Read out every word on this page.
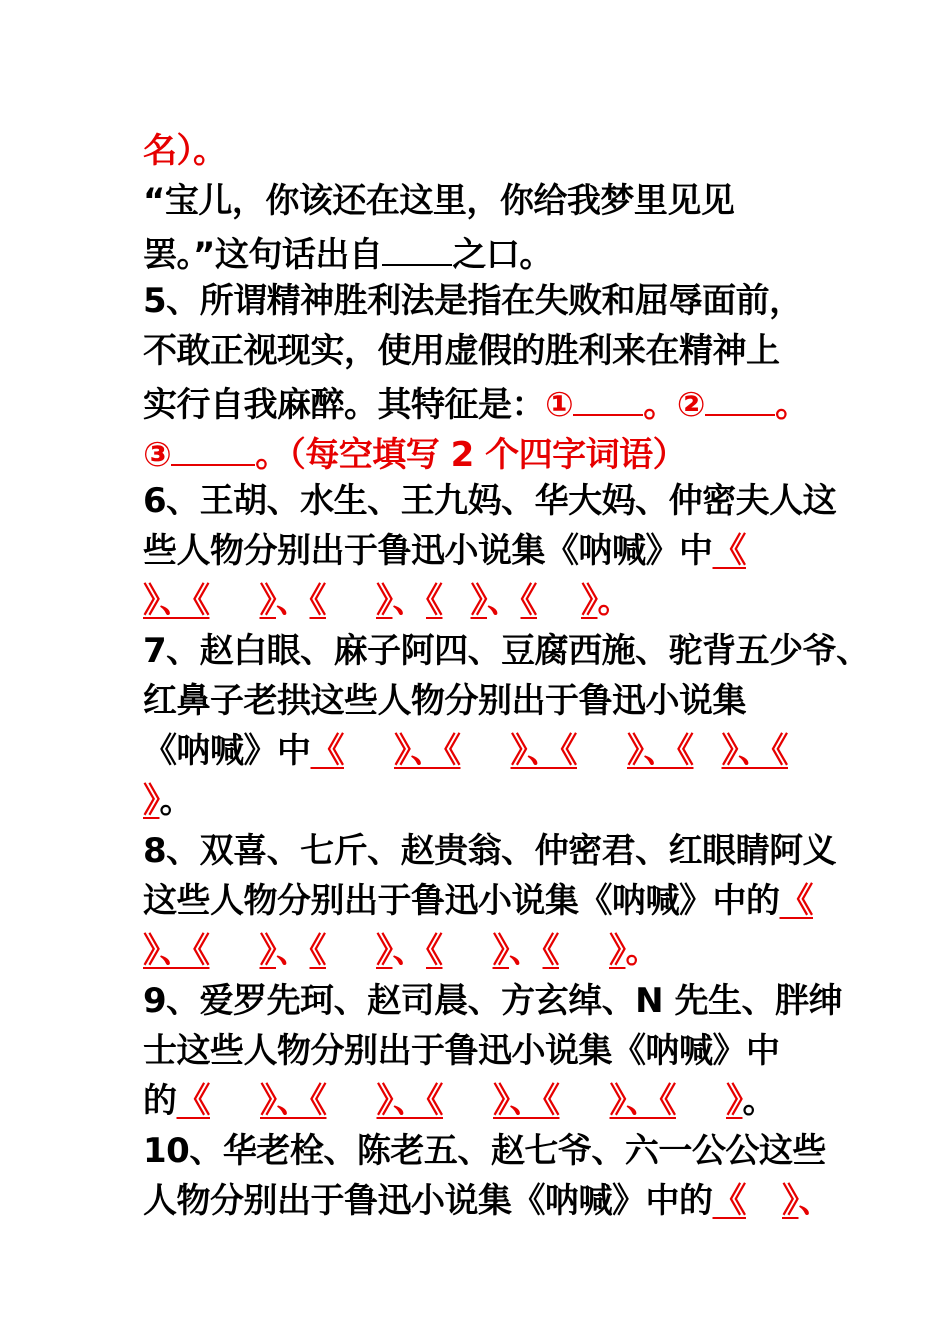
名）。
“宝儿，你该还在这里，你给我梦里见见
罢。”这句话出自 之口。
5、所谓精神胜利法是指在失败和屈辱面前，
不敢正视现实，使用虚假的胜利来在精神上
实行自我麻醉。其特征是：① 。② 。
③ 。（每空填写 2 个四字词语）
6、王胡、水生、王九妈、华大妈、仲密夫人这
些人物分别出于鲁迅小说集《呐喊》中《
》、《 》、《 》、《 》、《 》。
7、赵白眼、麻子阿四、豆腐西施、驼背五少爷、
红鼻子老拱这些人物分别出于鲁迅小说集
《呐喊》中《 》、《 》、《 》、《 》、《
》。
8、双喜、七斤、赵贵翁、仲密君、红眼睛阿义
这些人物分别出于鲁迅小说集《呐喊》中的《
》、《 》、《 》、《 》、《 》。
9、爱罗先珂、赵司晨、方玄绰、N 先生、胖绅
士这些人物分别出于鲁迅小说集《呐喊》中
的《 》、《 》、《 》、《 》、《 》。
10、华老栓、陈老五、赵七爷、六一公公这些
人物分别出于鲁迅小说集《呐喊》中的《 》、
